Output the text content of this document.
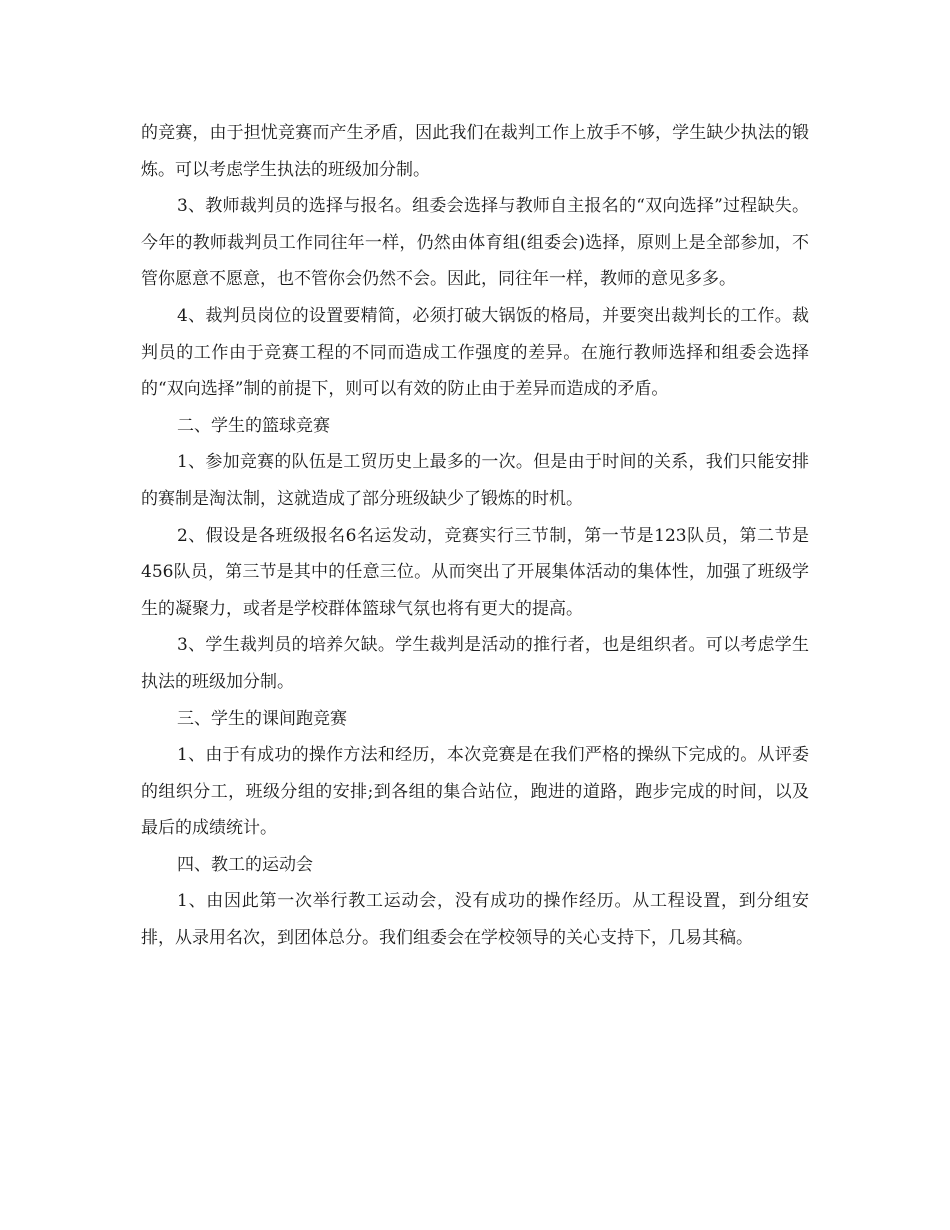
的竞赛，由于担忧竞赛而产生矛盾，因此我们在裁判工作上放手不够，学生缺少执法的锻炼。可以考虑学生执法的班级加分制。

3、教师裁判员的选择与报名。组委会选择与教师自主报名的“双向选择”过程缺失。今年的教师裁判员工作同往年一样，仍然由体育组(组委会)选择，原则上是全部参加，不管你愿意不愿意，也不管你会仍然不会。因此，同往年一样，教师的意见多多。

4、裁判员岗位的设置要精简，必须打破大锅饭的格局，并要突出裁判长的工作。裁判员的工作由于竞赛工程的不同而造成工作强度的差异。在施行教师选择和组委会选择的“双向选择”制的前提下，则可以有效的防止由于差异而造成的矛盾。

二、学生的篮球竞赛

1、参加竞赛的队伍是工贸历史上最多的一次。但是由于时间的关系，我们只能安排的赛制是淘汰制，这就造成了部分班级缺少了锻炼的时机。

2、假设是各班级报名6名运发动，竞赛实行三节制，第一节是123队员，第二节是456队员，第三节是其中的任意三位。从而突出了开展集体活动的集体性，加强了班级学生的凝聚力，或者是学校群体篮球气氛也将有更大的提高。

3、学生裁判员的培养欠缺。学生裁判是活动的推行者，也是组织者。可以考虑学生执法的班级加分制。

三、学生的课间跑竞赛

1、由于有成功的操作方法和经历，本次竞赛是在我们严格的操纵下完成的。从评委的组织分工，班级分组的安排;到各组的集合站位，跑进的道路，跑步完成的时间，以及最后的成绩统计。

四、教工的运动会

1、由因此第一次举行教工运动会，没有成功的操作经历。从工程设置，到分组安排，从录用名次，到团体总分。我们组委会在学校领导的关心支持下，几易其稿。
